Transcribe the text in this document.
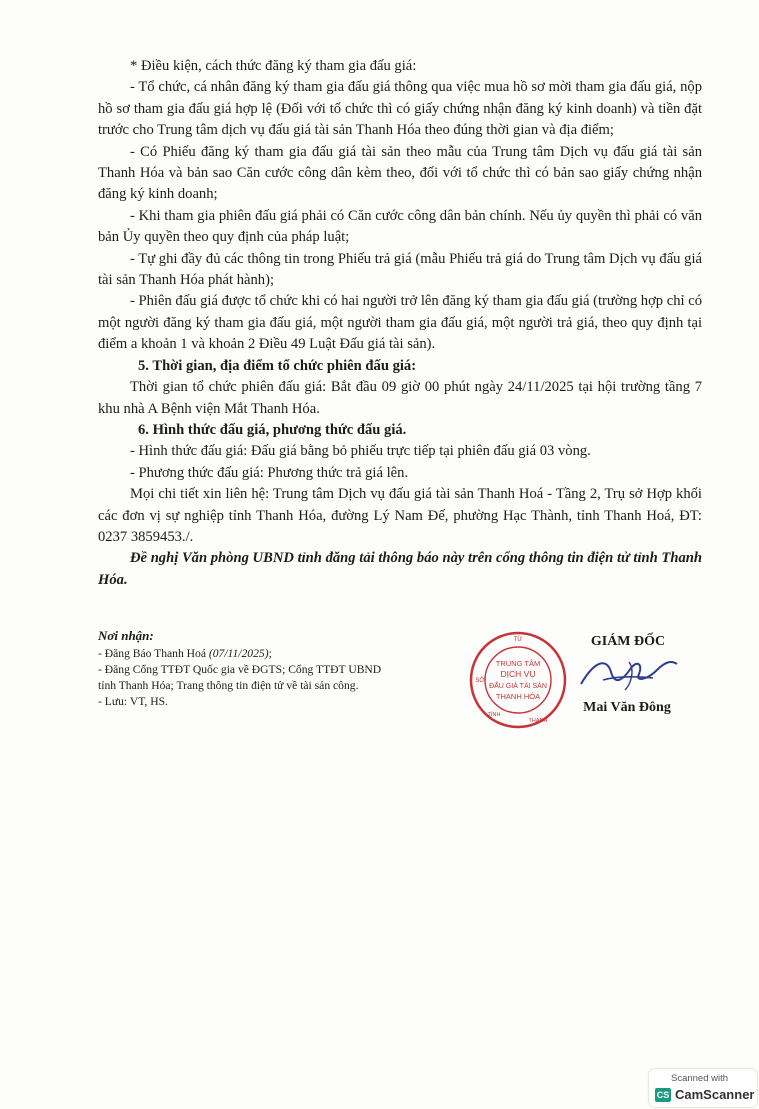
* Điều kiện, cách thức đăng ký tham gia đấu giá:

- Tổ chức, cá nhân đăng ký tham gia đấu giá thông qua việc mua hồ sơ mời tham gia đấu giá, nộp hồ sơ tham gia đấu giá hợp lệ (Đối với tổ chức thì có giấy chứng nhận đăng ký kinh doanh) và tiền đặt trước cho Trung tâm dịch vụ đấu giá tài sản Thanh Hóa theo đúng thời gian và địa điểm;

- Có Phiếu đăng ký tham gia đấu giá tài sản theo mẫu của Trung tâm Dịch vụ đấu giá tài sản Thanh Hóa và bản sao Căn cước công dân kèm theo, đối với tổ chức thì có bản sao giấy chứng nhận đăng ký kinh doanh;

- Khi tham gia phiên đấu giá phải có Căn cước công dân bản chính. Nếu ủy quyền thì phải có văn bản Ủy quyền theo quy định của pháp luật;

- Tự ghi đầy đủ các thông tin trong Phiếu trả giá (mẫu Phiếu trả giá do Trung tâm Dịch vụ đấu giá tài sản Thanh Hóa phát hành);

- Phiên đấu giá được tổ chức khi có hai người trở lên đăng ký tham gia đấu giá (trường hợp chỉ có một người đăng ký tham gia đấu giá, một người tham gia đấu giá, một người trả giá, theo quy định tại điểm a khoản 1 và khoản 2 Điều 49 Luật Đấu giá tài sản).

5. Thời gian, địa điểm tổ chức phiên đấu giá:

Thời gian tổ chức phiên đấu giá: Bắt đầu 09 giờ 00 phút ngày 24/11/2025 tại hội trường tầng 7 khu nhà A Bệnh viện Mắt Thanh Hóa.

6. Hình thức đấu giá, phương thức đấu giá.

- Hình thức đấu giá: Đấu giá bằng bỏ phiếu trực tiếp tại phiên đấu giá 03 vòng.

- Phương thức đấu giá: Phương thức trả giá lên.

Mọi chi tiết xin liên hệ: Trung tâm Dịch vụ đấu giá tài sản Thanh Hoá - Tầng 2, Trụ sở Hợp khối các đơn vị sự nghiệp tỉnh Thanh Hóa, đường Lý Nam Đế, phường Hạc Thành, tỉnh Thanh Hoá, ĐT: 0237 3859453./.

Đề nghị Văn phòng UBND tỉnh đăng tải thông báo này trên cổng thông tin điện tử tỉnh Thanh Hóa.

Nơi nhận:

- Đăng Báo Thanh Hoá (07/11/2025);

- Đăng Cổng TTĐT Quốc gia về ĐGTS; Cổng TTĐT UBND tỉnh Thanh Hóa; Trang thông tin điện tử về tài sản công.

- Lưu: VT, HS.

TRUNG TÂM
DỊCH VỤ
ĐẤU GIÁ TÀI SẢN
THANH HÓA
TỪ
SỞ
TỈNH
THANH
GIÁM ĐỐC
Mai Văn Đông
Scanned with
CS CamScanner
